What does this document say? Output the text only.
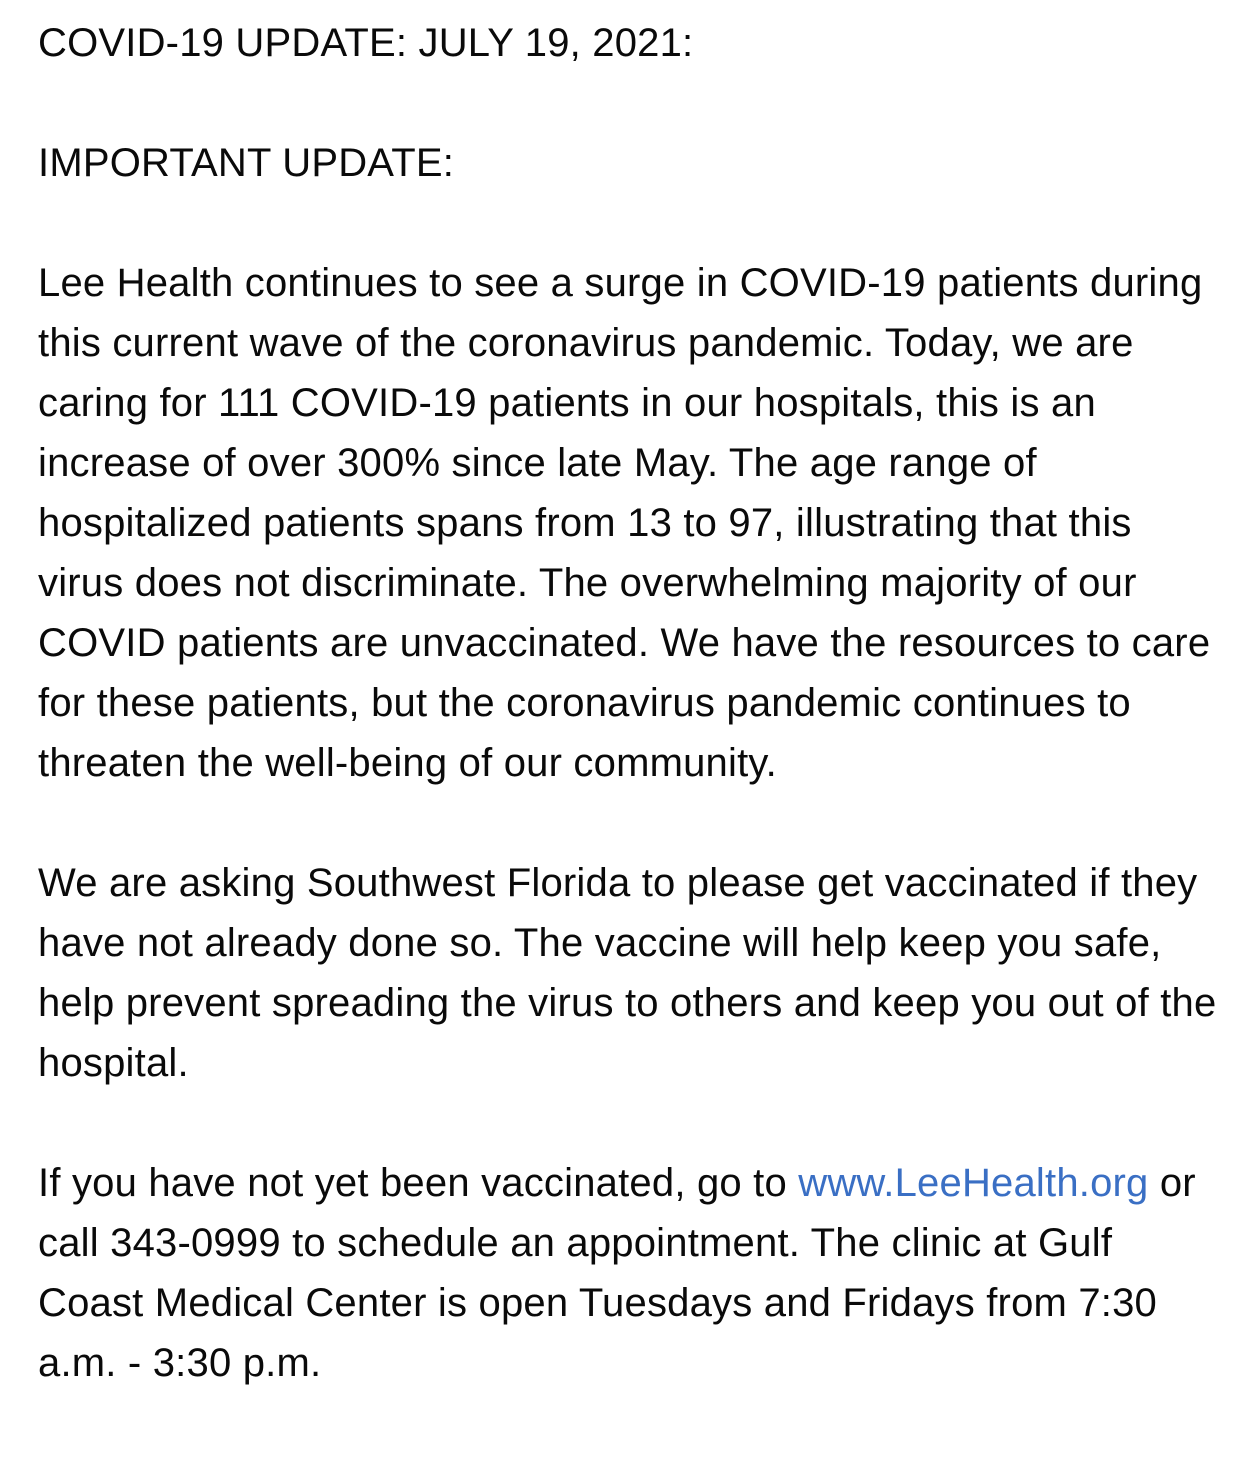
COVID-19 UPDATE: JULY 19, 2021:

IMPORTANT UPDATE:

Lee Health continues to see a surge in COVID-19 patients during this current wave of the coronavirus pandemic. Today, we are caring for 111 COVID-19 patients in our hospitals, this is an increase of over 300% since late May. The age range of hospitalized patients spans from 13 to 97, illustrating that this virus does not discriminate. The overwhelming majority of our COVID patients are unvaccinated. We have the resources to care for these patients, but the coronavirus pandemic continues to threaten the well-being of our community.

We are asking Southwest Florida to please get vaccinated if they have not already done so. The vaccine will help keep you safe, help prevent spreading the virus to others and keep you out of the hospital.

If you have not yet been vaccinated, go to www.LeeHealth.org or call 343-0999 to schedule an appointment. The clinic at Gulf Coast Medical Center is open Tuesdays and Fridays from 7:30 a.m. - 3:30 p.m.
